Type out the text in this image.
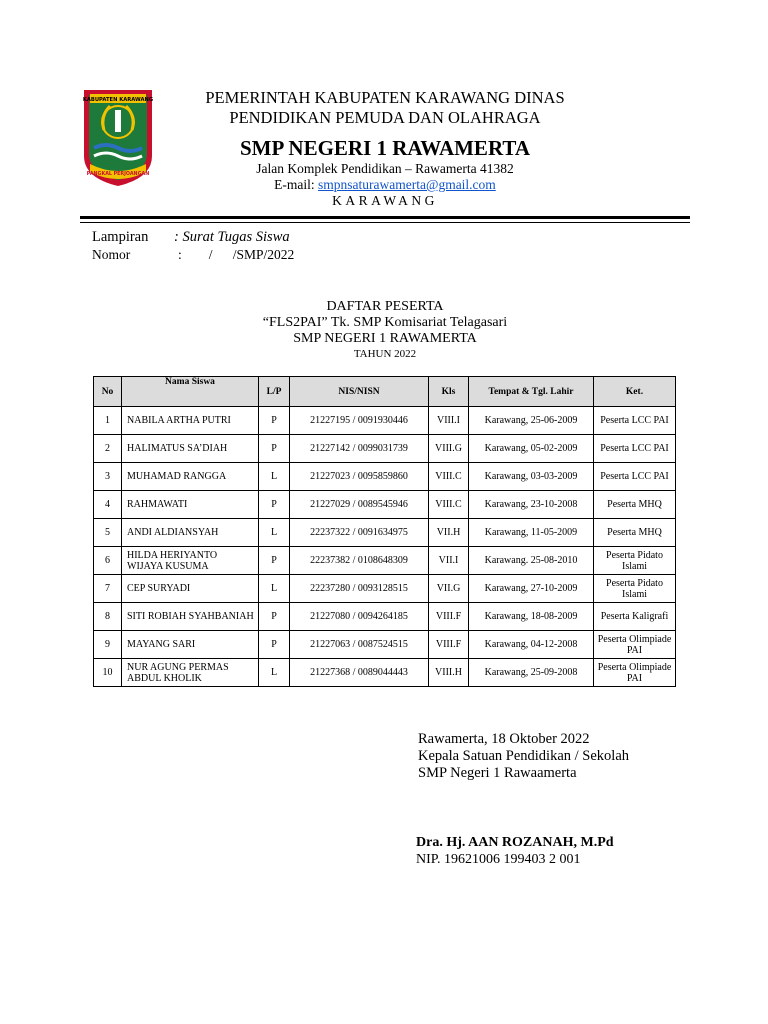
KABUPATEN KARAWANG
PANGKAL PERJOANGAN
PEMERINTAH KABUPATEN KARAWANG DINAS
PENDIDIKAN PEMUDA DAN OLAHRAGA
SMP NEGERI 1 RAWAMERTA
Jalan Komplek Pendidikan – Rawamerta 41382
E-mail: smpnsaturawamerta@gmail.com
KARAWANG
Lampiran : Surat Tugas Siswa
Nomor	:        /      /SMP/2022
DAFTAR PESERTA
“FLS2PAI” Tk. SMP Komisariat Telagasari
SMP NEGERI 1 RAWAMERTA
TAHUN 2022
No	Nama Siswa	L/P	NIS/NISN	Kls	Tempat & Tgl. Lahir	Ket.
1	NABILA ARTHA PUTRI	P	21227195 / 0091930446	VIII.I	Karawang, 25-06-2009	Peserta LCC PAI
2	HALIMATUS SA’DIAH	P	21227142 / 0099031739	VIII.G	Karawang, 05-02-2009	Peserta LCC PAI
3	MUHAMAD RANGGA	L	21227023 / 0095859860	VIII.C	Karawang, 03-03-2009	Peserta LCC PAI
4	RAHMAWATI	P	21227029 / 0089545946	VIII.C	Karawang, 23-10-2008	Peserta MHQ
5	ANDI ALDIANSYAH	L	22237322 / 0091634975	VII.H	Karawang, 11-05-2009	Peserta MHQ
6	HILDA HERIYANTO WIJAYA KUSUMA	P	22237382 / 0108648309	VII.I	Karawang. 25-08-2010	Peserta Pidato Islami
7	CEP SURYADI	L	22237280 / 0093128515	VII.G	Karawang, 27-10-2009	Peserta Pidato Islami
8	SITI ROBIAH SYAHBANIAH	P	21227080 / 0094264185	VIII.F	Karawang, 18-08-2009	Peserta Kaligrafi
9	MAYANG SARI	P	21227063 / 0087524515	VIII.F	Karawang, 04-12-2008	Peserta Olimpiade PAI
10	NUR AGUNG PERMAS ABDUL KHOLIK	L	21227368 / 0089044443	VIII.H	Karawang, 25-09-2008	Peserta Olimpiade PAI
Rawamerta, 18 Oktober 2022
Kepala Satuan Pendidikan / Sekolah
SMP Negeri 1 Rawaamerta
Dra. Hj. AAN ROZANAH, M.Pd
NIP. 19621006 199403 2 001
